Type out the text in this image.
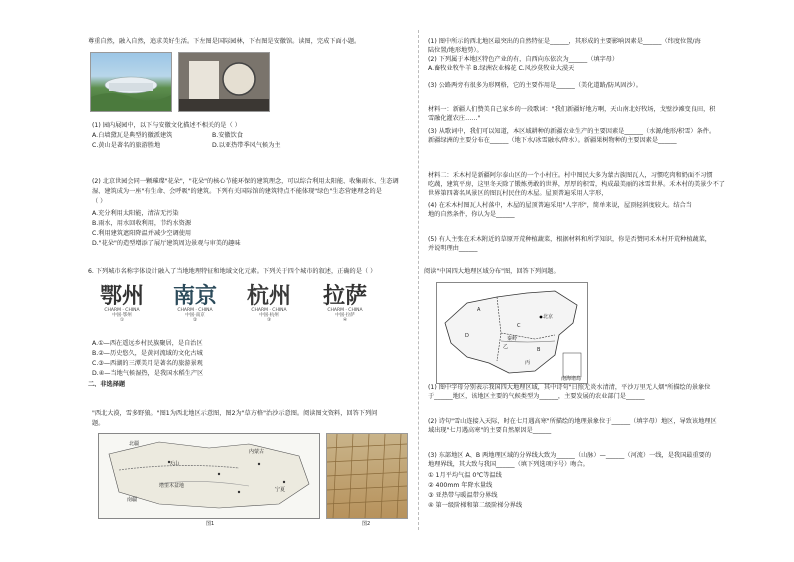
尊重自然，融入自然，追求美好生活。下左图是国际园林，下右图是安徽馆。读图，完成下面小题。
(1) 园内展园中，以下与安徽文化描述不相关的是（ ）
A.白墙黛瓦是典型的徽派建筑	B.安徽饮食
C.黄山是著名的旅游胜地	D.以亚热带季风气候为主
(2) 北京世园会同一颗璀璨"花朵"，"花朵"的核心节能环保的建筑理念，可以综合利用太阳能、收集雨水、生态调
湿、建筑成为一座"有生命、会呼吸"的建筑。下列有关国际馆的建筑特点不能体现"绿色"生态营建理念的是
（ ）
A.充分利用太阳能，清洁无污染
B.雨水，用水回收利用，节约水资源
C.利用建筑遮阳降温并减少空调使用
D."花朵"的造型增添了展厅建筑周边景观与审美的趣味
6. 下列城市名称字体设计融入了当地地理特征和地域文化元素。下列关于四个城市的叙述，正确的是（ ）
鄂州
CHARM · CHINA
中国·鄂州
①
南京
CHARM · CHINA
中国·南京
②
杭州
CHARM · CHINA
中国·杭州
③
拉萨
CHARM · CHINA
中国·拉萨
④
A.①—西在遥远乡村民族聚居，是自治区
B.②—历史悠久，是黄河流域的文化古城
C.③—西湖的三潭美月是著名的旅游景观
D.④—当地气候湿热，是我国水稻生产区
二、非选择题
"西北大漠，雪多野狼。"图1为西北地区示意图，图2为"草方格"治沙示意图。阅读图文资料，回答下列问
题。
北疆
天山
塔里木盆地
南疆
宁夏
内蒙古
图1	图2
(1) 图中所示的西北地区最突出的自然特征是______，其形成的主要影响因素是______（纬度位置/海
陆位置/地形地势）。
(2) 下列属于本地区特色产业的有，自西向东依次为______（填字母）
A.畜牧业牧牛羊 B.绿洲农业棉花 C.风沙莫牧业大漠天
(3) 公路两旁有很多为形网格，它的主要作用是______（美化道路/防风固沙）。
材料一：新疆人们赞美自己家乡的一段歌词："我们新疆好地方啊，天山南北好牧场，戈壁沙滩变良田，积
雪融化灌农庄……"
(3) 从歌词中，我们可以知道，本区域耕种的新疆农业生产的主要因素是______（水源/地形/积雪）条件。
新疆绿洲的主要分布在______（地下水/冰雪融水/降水）。新疆果树物种的主要因素是______
材料二：禾木村是新疆阿尔泰山区的一个小村庄。村中图民大多为蒙古族图瓦人，习惯吃肉和奶面不习惯
吃蔬，建筑平房，这里冬天除了锻炼勇敢的世界，厚厚的积雪，构成最美丽的冰雪世界。禾木村的美景少不了
世界第四著名风景区的图瓦村民住的木屋。屋顶普遍采用人字形，
(4) 在禾木村图瓦人村落中，木屋的屋顶普遍采用"人字形"，简单来说，屋顶轻斜度较大。结合当
地的自然条件，你认为是______
(5) 有人主张在禾木附近的草原开荒种植蔬菜，根据材料和所学知识，你是否赞同禾木村开荒种植蔬菜，
并说明理由______
阅读"中国四大地理区域分布"图，回答下列问题。
A
B
C
D
北京
乙
丙
秦岭
南海诸岛
(1) 图中字母分别表示我国四大地理区域，其中诗句"日照无炎水清清，平沙万里无人烟"所描绘的景象位
于______地区，该地区主要的气候类型为______，主要发展的农业部门是______
(2) 诗句"雪山连接入天际，时在七月遇高寒"所描绘的地理景象位于______（填字母）地区，导致该地理区
域出现"七月遇高寒"的主要自然原因是______
(3) 东部地区 A、B 两地理区域的分界线大致为______（山脉）—______（河流）一线，是我国最重要的
地理界线，其大致与我国______（填下列选项序号）吻合。
① 1月平均气温 0℃等温线
② 400mm 年降水量线
③ 亚热带与暖温带分界线
④ 第一级阶梯和第二级阶梯分界线
